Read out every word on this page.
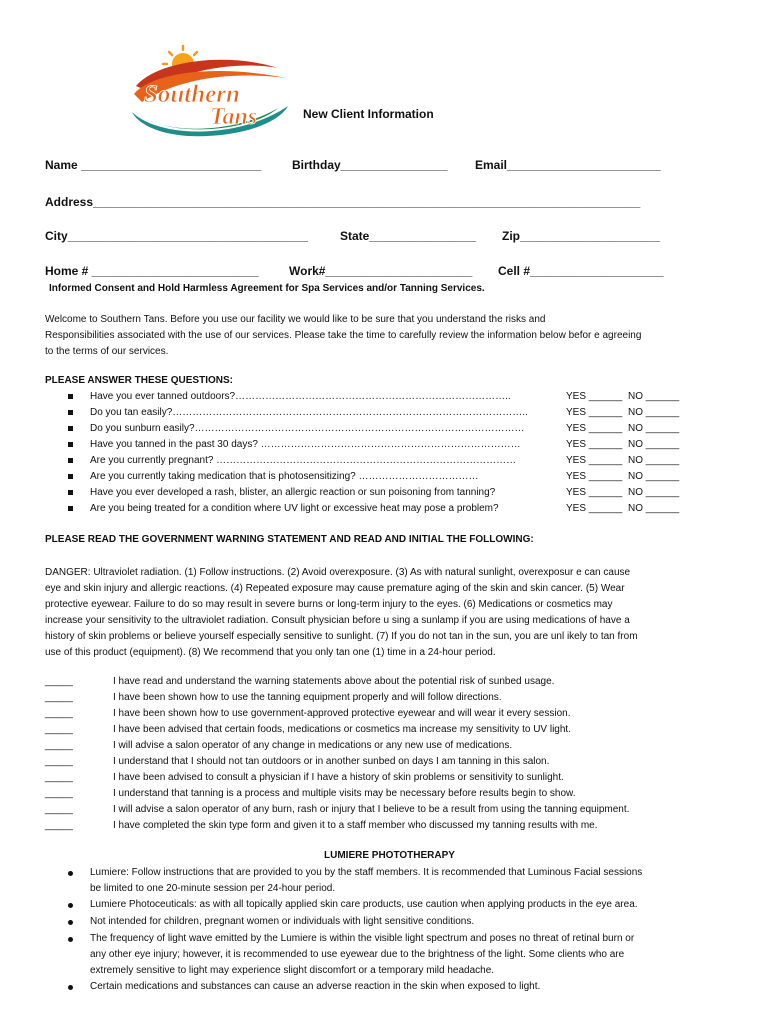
Southern
Tans	New Client Information
Name ___________________________	Birthday________________ Email_______________________
Address__________________________________________________________________________________
City____________________________________	State________________ Zip_____________________
Home # _________________________	Work#______________________ Cell #____________________
Informed Consent and Hold Harmless Agreement for Spa Services and/or Tanning Services.
Welcome to Southern Tans. Before you use our facility we would like to be sure that you understand the risks and
Responsibilities associated with the use of our services. Please take the time to carefully review the information below befor e agreeing
to the terms of our services.
PLEASE ANSWER THESE QUESTIONS:
Have you ever tanned outdoors?………………………………………………………………………..	YES ______ NO ______
Do you tan easily?……………………………………………………………………………………………..	YES ______ NO ______
Do you sunburn easily?………………………………………………………………………………………	YES ______ NO ______
Have you tanned in the past 30 days? ……………………………………………………………………	YES ______ NO ______
Are you currently pregnant? ………………………………………………………………………………	YES ______ NO ______
Are you currently taking medication that is photosensitizing? ………………………………	YES ______ NO ______
Have you ever developed a rash, blister, an allergic reaction or sun poisoning from tanning?	YES ______ NO ______
Are you being treated for a condition where UV light or excessive heat may pose a problem?	YES ______ NO ______
PLEASE READ THE GOVERNMENT WARNING STATEMENT AND READ AND INITIAL THE FOLLOWING:
DANGER: Ultraviolet radiation. (1) Follow instructions. (2) Avoid overexposure. (3) As with natural sunlight, overexposur e can cause
eye and skin injury and allergic reactions. (4) Repeated exposure may cause premature aging of the skin and skin cancer. (5) Wear
protective eyewear. Failure to do so may result in severe burns or long-term injury to the eyes. (6) Medications or cosmetics may
increase your sensitivity to the ultraviolet radiation. Consult physician before u sing a sunlamp if you are using medications of have a
history of skin problems or believe yourself especially sensitive to sunlight. (7) If you do not tan in the sun, you are unl ikely to tan from
use of this product (equipment). (8) We recommend that you only tan one (1) time in a 24-hour period.
_____	I have read and understand the warning statements above about the potential risk of sunbed usage.
_____	I have been shown how to use the tanning equipment properly and will follow directions.
_____	I have been shown how to use government-approved protective eyewear and will wear it every session.
_____	I have been advised that certain foods, medications or cosmetics ma increase my sensitivity to UV light.
_____	I will advise a salon operator of any change in medications or any new use of medications.
_____	I understand that I should not tan outdoors or in another sunbed on days I am tanning in this salon.
_____	I have been advised to consult a physician if I have a history of skin problems or sensitivity to sunlight.
_____	I understand that tanning is a process and multiple visits may be necessary before results begin to show.
_____	I will advise a salon operator of any burn, rash or injury that I believe to be a result from using the tanning equipment.
_____	I have completed the skin type form and given it to a staff member who discussed my tanning results with me.
LUMIERE PHOTOTHERAPY
Lumiere: Follow instructions that are provided to you by the staff members. It is recommended that Luminous Facial sessions
be limited to one 20-minute session per 24-hour period.
Lumiere Photoceuticals: as with all topically applied skin care products, use caution when applying products in the eye area.
Not intended for children, pregnant women or individuals with light sensitive conditions.
The frequency of light wave emitted by the Lumiere is within the visible light spectrum and poses no threat of retinal burn or
any other eye injury; however, it is recommended to use eyewear due to the brightness of the light. Some clients who are
extremely sensitive to light may experience slight discomfort or a temporary mild headache.
Certain medications and substances can cause an adverse reaction in the skin when exposed to light.
